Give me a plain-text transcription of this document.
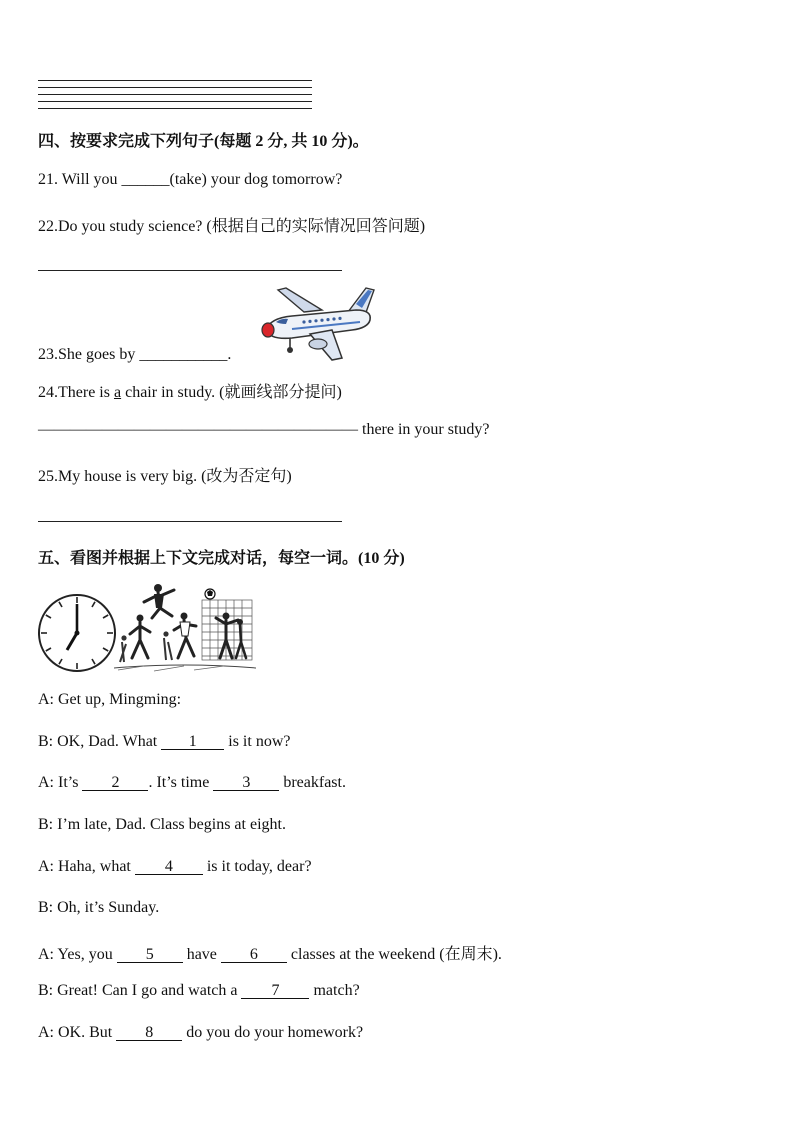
四、按要求完成下列句子(每题 2 分, 共 10 分)。
21. Will you ______(take) your dog tomorrow?
22.Do you study science? (根据自己的实际情况回答问题)
23.She goes by ___________.
24.There is a chair in study. (就画线部分提问)
———————————————————— there in your study?
25.My house is very big. (改为否定句)
五、看图并根据上下文完成对话，每空一词。(10 分)
A: Get up, Mingming:
B: OK, Dad. What 1 is it now?
A: It’s 2 . It’s time 3 breakfast.
B: I’m late, Dad. Class begins at eight.
A: Haha, what 4 is it today, dear?
B: Oh, it’s Sunday.
A: Yes, you 5 have 6 classes at the weekend (在周末).
B: Great! Can I go and watch a 7 match?
A: OK. But 8 do you do your homework?
